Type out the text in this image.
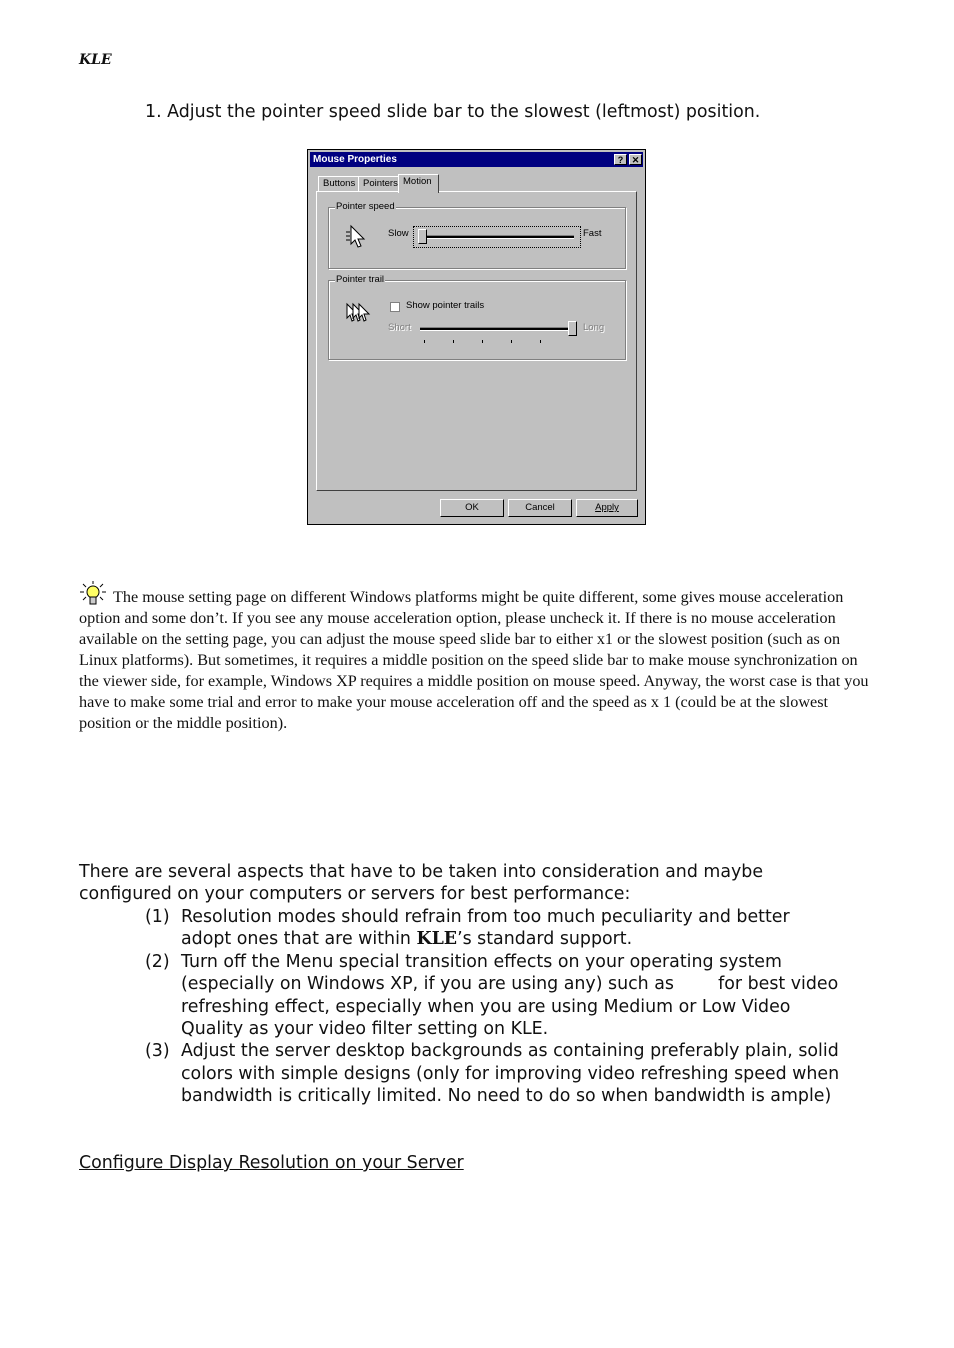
KLE
1. Adjust the pointer speed slide bar to the slowest (leftmost) position.
Mouse Properties	? ✕
Buttons Pointers Motion
Pointer speed
Slow	Fast
Pointer trail
Show pointer trails
Short	Long
OK	Cancel	Apply
The mouse setting page on different Windows platforms might be quite different, some gives mouse acceleration option and some don’t. If you see any mouse acceleration option, please uncheck it. If there is no mouse acceleration available on the setting page, you can adjust the mouse speed slide bar to either x1 or the slowest position (such as on Linux platforms). But sometimes, it requires a middle position on the speed slide bar to make mouse synchronization on the viewer side, for example, Windows XP requires a middle position on mouse speed. Anyway, the worst case is that you have to make some trial and error to make your mouse acceleration off and the speed as x 1 (could be at the slowest position or the middle position).
There are several aspects that have to be taken into consideration and maybe configured on your computers or servers for best performance:
(1) Resolution modes should refrain from too much peculiarity and better adopt ones that are within KLE’s standard support.
(2) Turn off the Menu special transition effects on your operating system (especially on Windows XP, if you are using any) such as        for best video refreshing effect, especially when you are using Medium or Low Video Quality as your video filter setting on KLE.
(3) Adjust the server desktop backgrounds as containing preferably plain, solid colors with simple designs (only for improving video refreshing speed when bandwidth is critically limited. No need to do so when bandwidth is ample)
Configure Display Resolution on your Server
